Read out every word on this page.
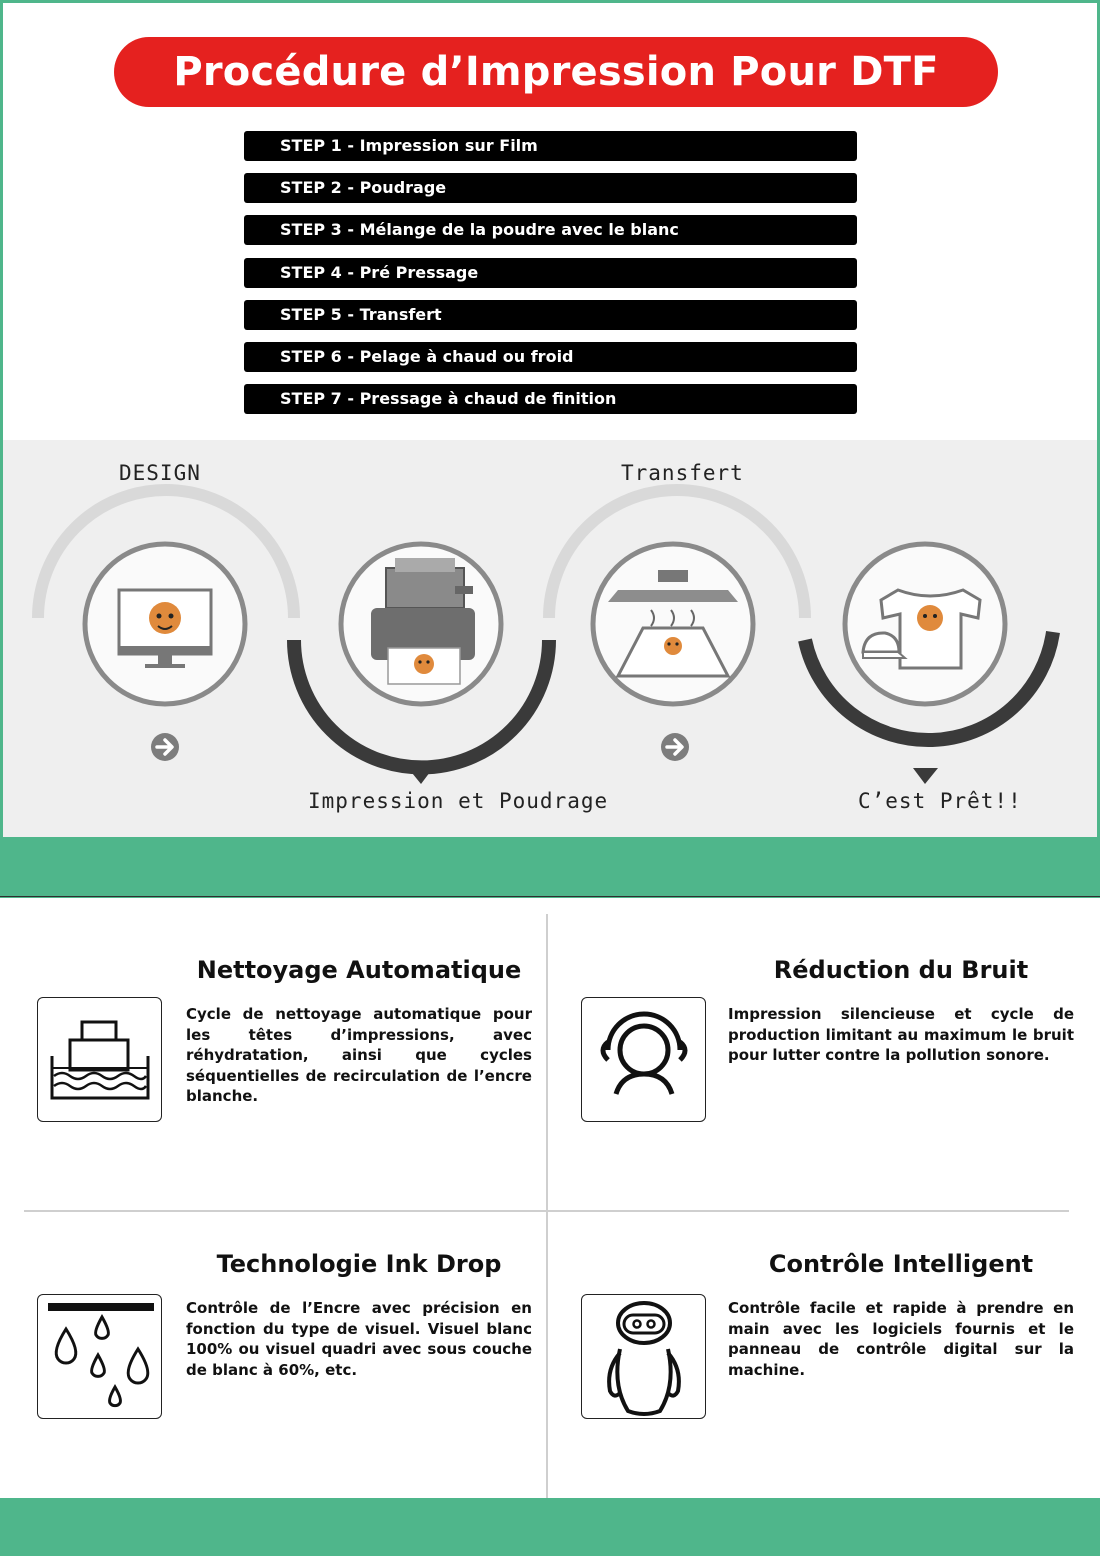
Procédure d’Impression Pour DTF
STEP 1 - Impression sur Film
STEP 2 - Poudrage
STEP 3 - Mélange de la poudre avec le blanc
STEP 4 - Pré Pressage
STEP 5 - Transfert
STEP 6 - Pelage à chaud ou froid
STEP 7 - Pressage à chaud de finition
DESIGN	Transfert
Impression et Poudrage	C’est Prêt!!
Nettoyage Automatique
Cycle de nettoyage automatique pour les têtes d’impressions, avec réhydratation, ainsi que cycles séquentielles de recirculation de l’encre blanche.
Réduction du Bruit
Impression silencieuse et cycle de production limitant au maximum le bruit pour lutter contre la pollution sonore.
Technologie Ink Drop
Contrôle de l’Encre avec précision en fonction du type de visuel. Visuel blanc 100% ou visuel quadri avec sous couche de blanc à 60%, etc.
Contrôle Intelligent
Contrôle facile et rapide à prendre en main avec les logiciels fournis et le panneau de contrôle digital sur la machine.
